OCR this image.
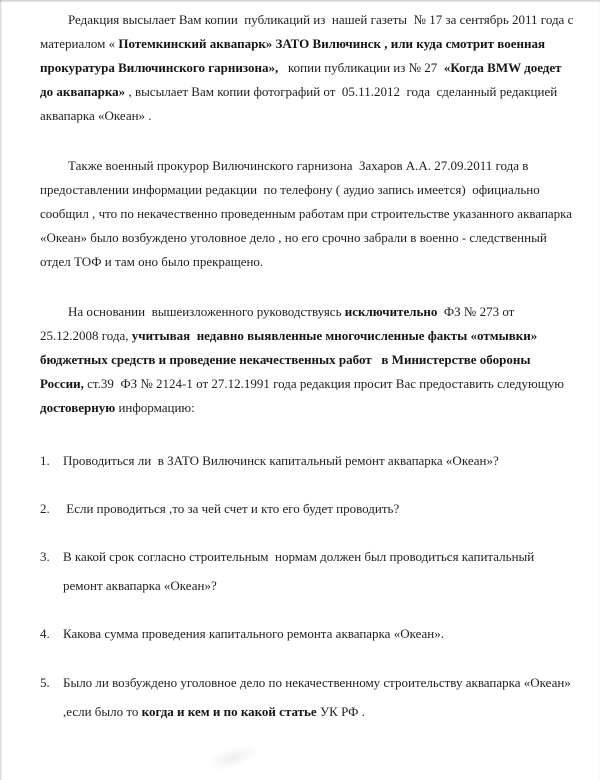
Редакция высылает Вам копии  публикаций из  нашей газеты  № 17 за сентябрь 2011 года с материалом « Потемкинский аквапарк» ЗАТО Вилючинск , или куда смотрит военная прокуратура Вилючинского гарнизона»,   копии публикации из № 27  «Когда BMW доедет до аквапарка» , высылает Вам копии фотографий от  05.11.2012  года  сделанный редакцией аквапарка «Океан» .

Также военный прокурор Вилючинского гарнизона  Захаров А.А. 27.09.2011 года в предоставлении информации редакции  по телефону ( аудио запись имеется)  официально сообщил , что по некачественно проведенным работам при строительстве указанного аквапарка «Океан» было возбуждено уголовное дело , но его срочно забрали в военно - следственный отдел ТОФ и там оно было прекращено.

На основании  вышеизложенного руководствуясь исключительно  ФЗ № 273 от 25.12.2008 года, учитывая  недавно выявленные многочисленные факты «отмывки» бюджетных средств и проведение некачественных работ   в Министерстве обороны России, ст.39  ФЗ № 2124-1 от 27.12.1991 года редакция просит Вас предоставить следующую достоверную информацию:

1. Проводиться ли  в ЗАТО Вилючинск капитальный ремонт аквапарка «Океан»?
2. Если проводиться ,то за чей счет и кто его будет проводить?
3. В какой срок согласно строительным  нормам должен был проводиться капитальный ремонт аквапарка «Океан»?
4. Какова сумма проведения капитального ремонта аквапарка «Океан».
5. Было ли возбуждено уголовное дело по некачественному строительству аквапарка «Океан» ,если было то когда и кем и по какой статье УК РФ .
